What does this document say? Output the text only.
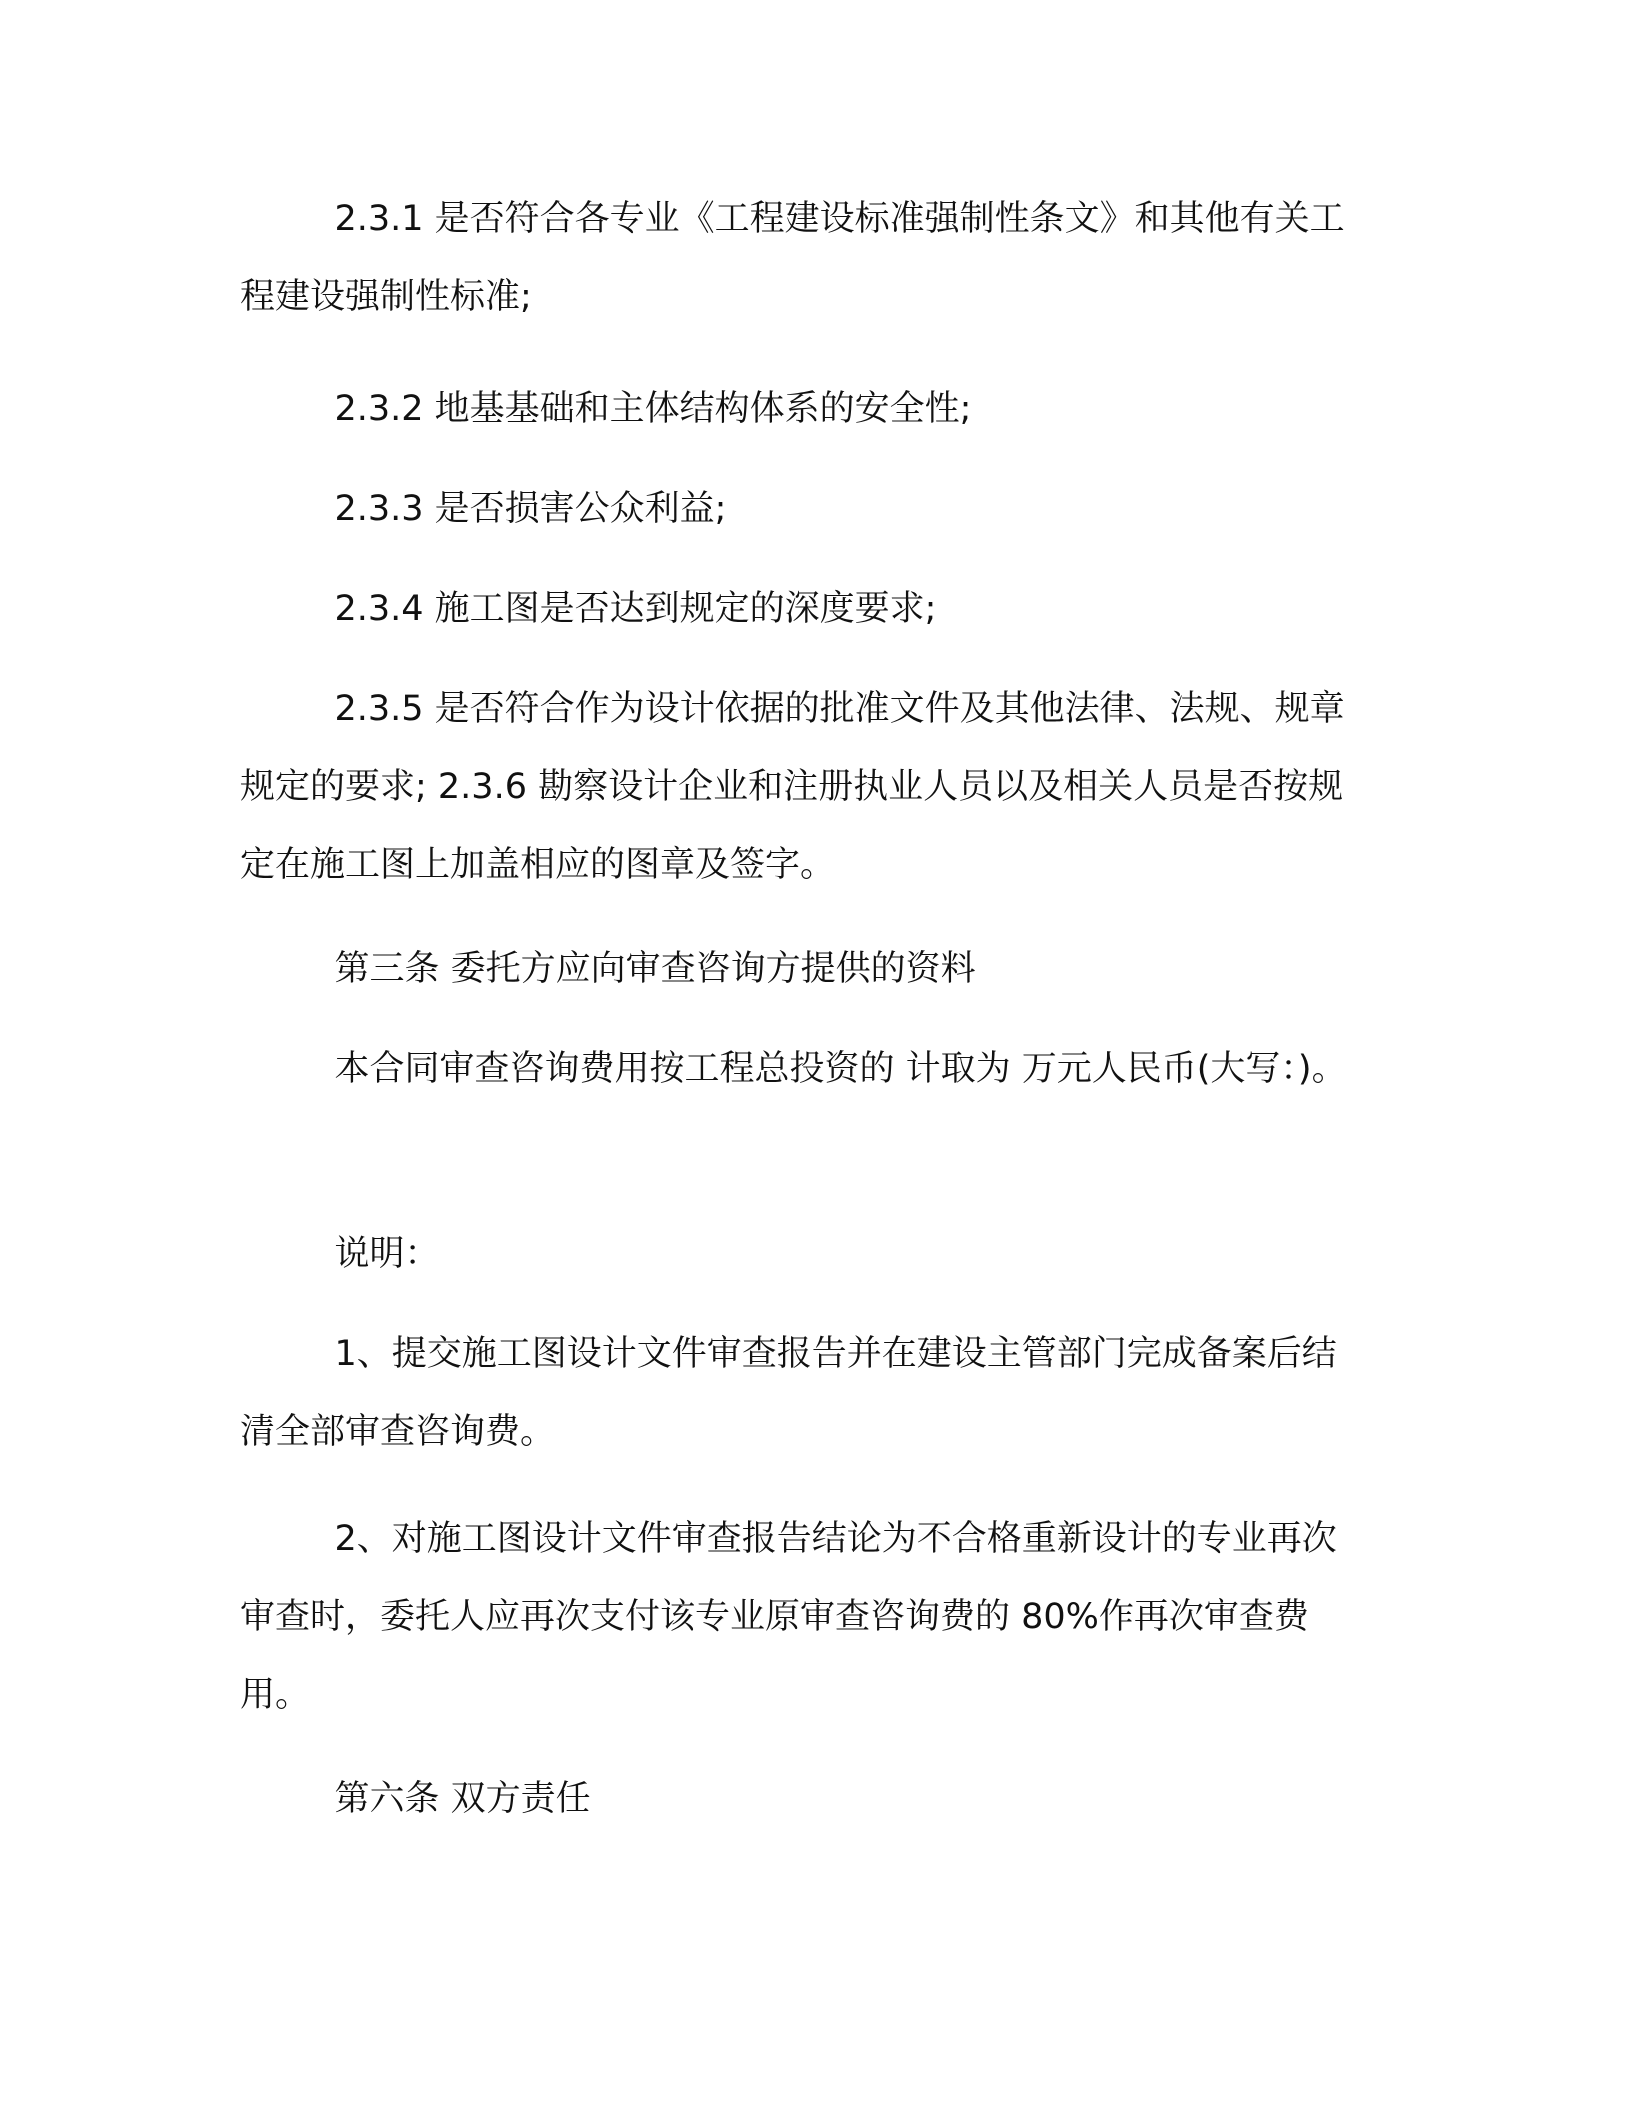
2.3.1 是否符合各专业《工程建设标准强制性条文》和其他有关工程建设强制性标准;

2.3.2 地基基础和主体结构体系的安全性;

2.3.3 是否损害公众利益;

2.3.4 施工图是否达到规定的深度要求;

2.3.5 是否符合作为设计依据的批准文件及其他法律、法规、规章规定的要求; 2.3.6 勘察设计企业和注册执业人员以及相关人员是否按规定在施工图上加盖相应的图章及签字。

第三条 委托方应向审查咨询方提供的资料

本合同审查咨询费用按工程总投资的 计取为 万元人民币(大写：)。

说明：

1、提交施工图设计文件审查报告并在建设主管部门完成备案后结清全部审查咨询费。

2、对施工图设计文件审查报告结论为不合格重新设计的专业再次审查时，委托人应再次支付该专业原审查咨询费的 80%作再次审查费用。

第六条 双方责任
